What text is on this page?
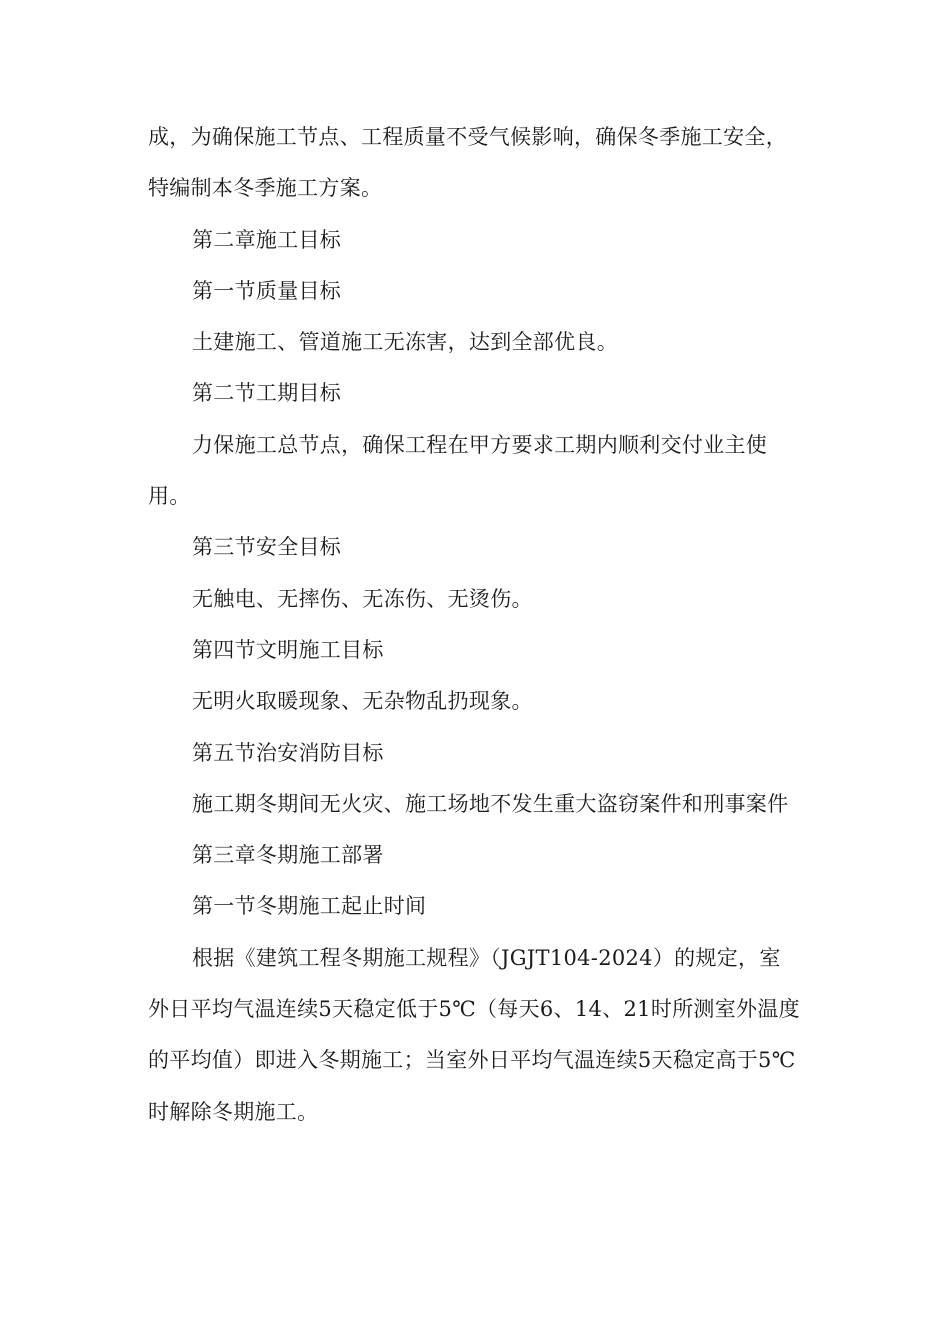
成，为确保施工节点、工程质量不受气候影响，确保冬季施工安全，特编制本冬季施工方案。

第二章施工目标

第一节质量目标

土建施工、管道施工无冻害，达到全部优良。

第二节工期目标

力保施工总节点，确保工程在甲方要求工期内顺利交付业主使用。

第三节安全目标

无触电、无摔伤、无冻伤、无烫伤。

第四节文明施工目标

无明火取暖现象、无杂物乱扔现象。

第五节治安消防目标

施工期冬期间无火灾、施工场地不发生重大盗窃案件和刑事案件

第三章冬期施工部署

第一节冬期施工起止时间

根据《建筑工程冬期施工规程》（JGJT104-2024）的规定，室外日平均气温连续5天稳定低于5℃（每天6、14、21时所测室外温度的平均值）即进入冬期施工；当室外日平均气温连续5天稳定高于5℃时解除冬期施工。
